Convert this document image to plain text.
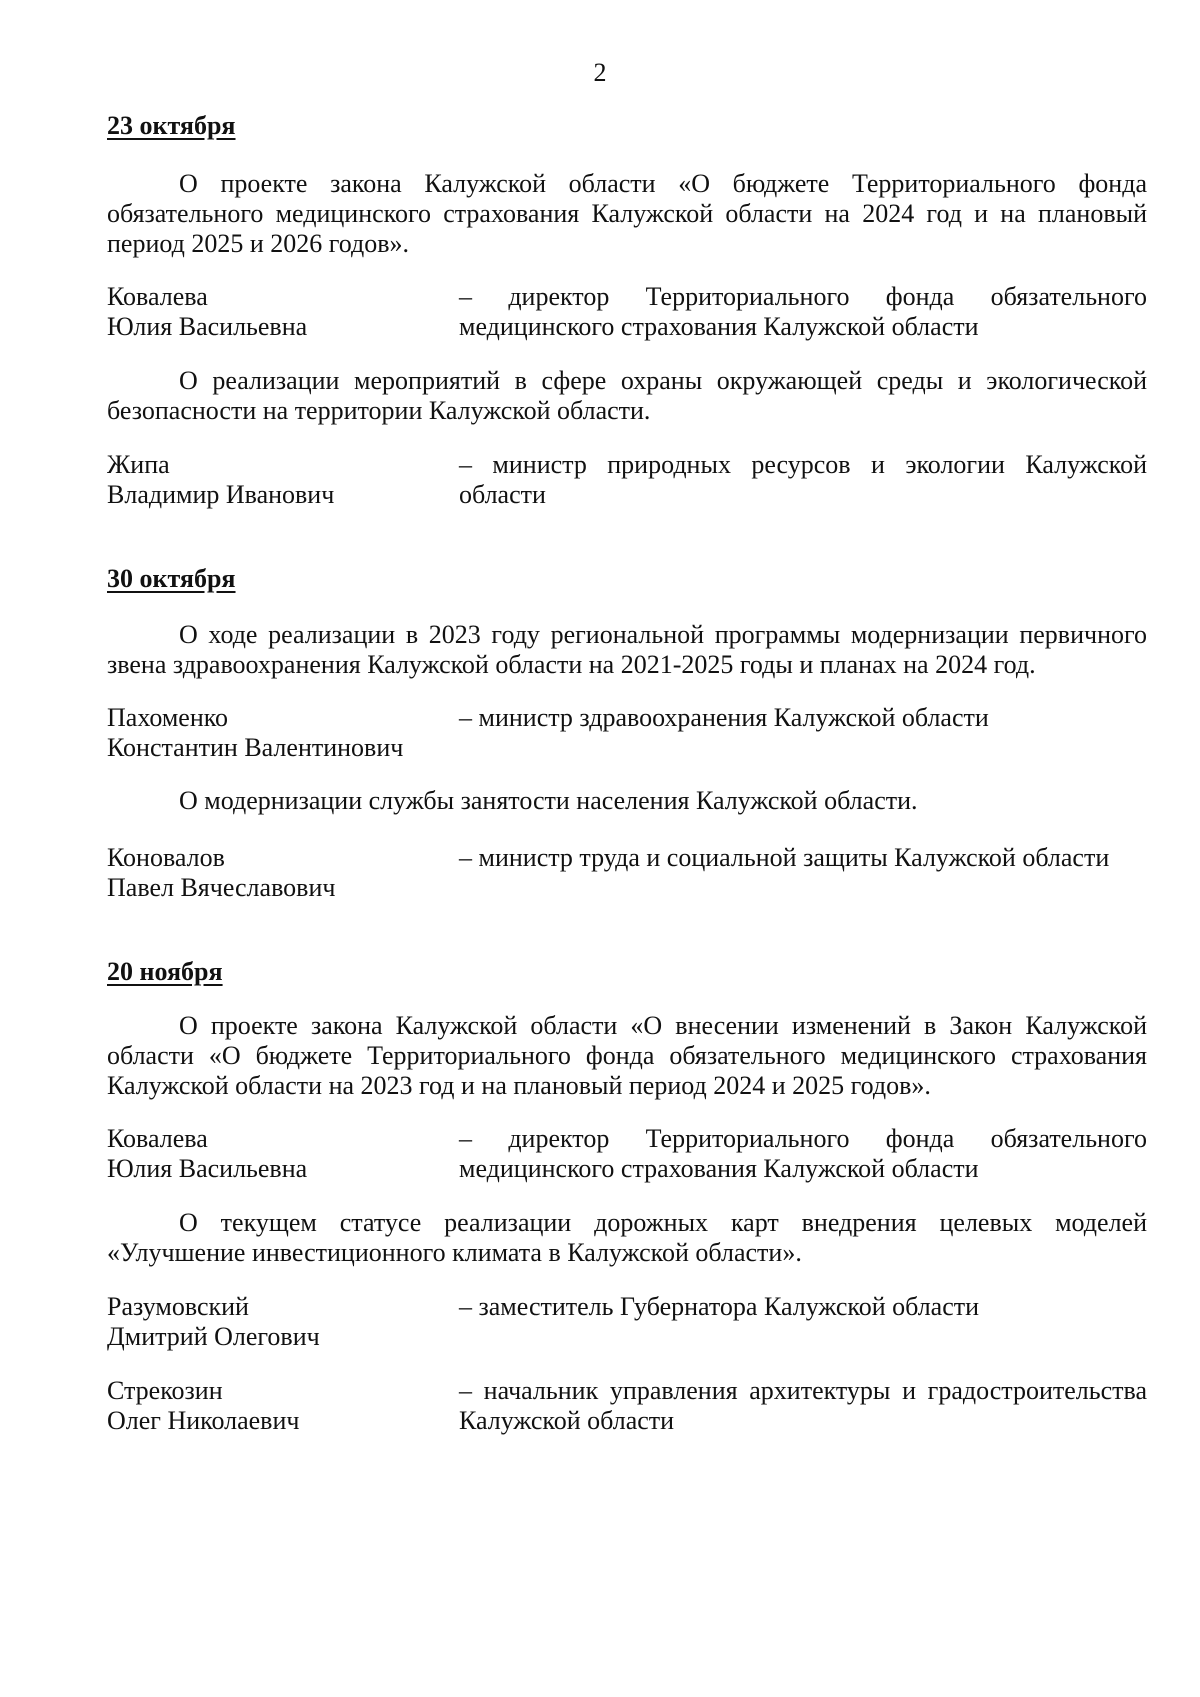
2
23 октября

О проекте закона Калужской области «О бюджете Территориального фонда обязательного медицинского страхования Калужской области на 2024 год и на плановый период 2025 и 2026 годов».

Ковалева
Юлия Васильевна
– директор Территориального фонда обязательного медицинского страхования Калужской области

О реализации мероприятий в сфере охраны окружающей среды и экологической безопасности на территории Калужской области.

Жипа
Владимир Иванович
– министр природных ресурсов и экологии Калужской области
30 октября

О ходе реализации в 2023 году региональной программы модернизации первичного звена здравоохранения Калужской области на 2021-2025 годы и планах на 2024 год.

Пахоменко
Константин Валентинович
– министр здравоохранения Калужской области

О модернизации службы занятости населения Калужской области.

Коновалов
Павел Вячеславович
– министр труда и социальной защиты Калужской области
20 ноября

О проекте закона Калужской области «О внесении изменений в Закон Калужской области «О бюджете Территориального фонда обязательного медицинского страхования Калужской области на 2023 год и на плановый период 2024 и 2025 годов».

Ковалева
Юлия Васильевна
– директор Территориального фонда обязательного медицинского страхования Калужской области

О текущем статусе реализации дорожных карт внедрения целевых моделей «Улучшение инвестиционного климата в Калужской области».

Разумовский
Дмитрий Олегович
– заместитель Губернатора Калужской области
Стрекозин
Олег Николаевич
– начальник управления архитектуры и градостроительства Калужской области
